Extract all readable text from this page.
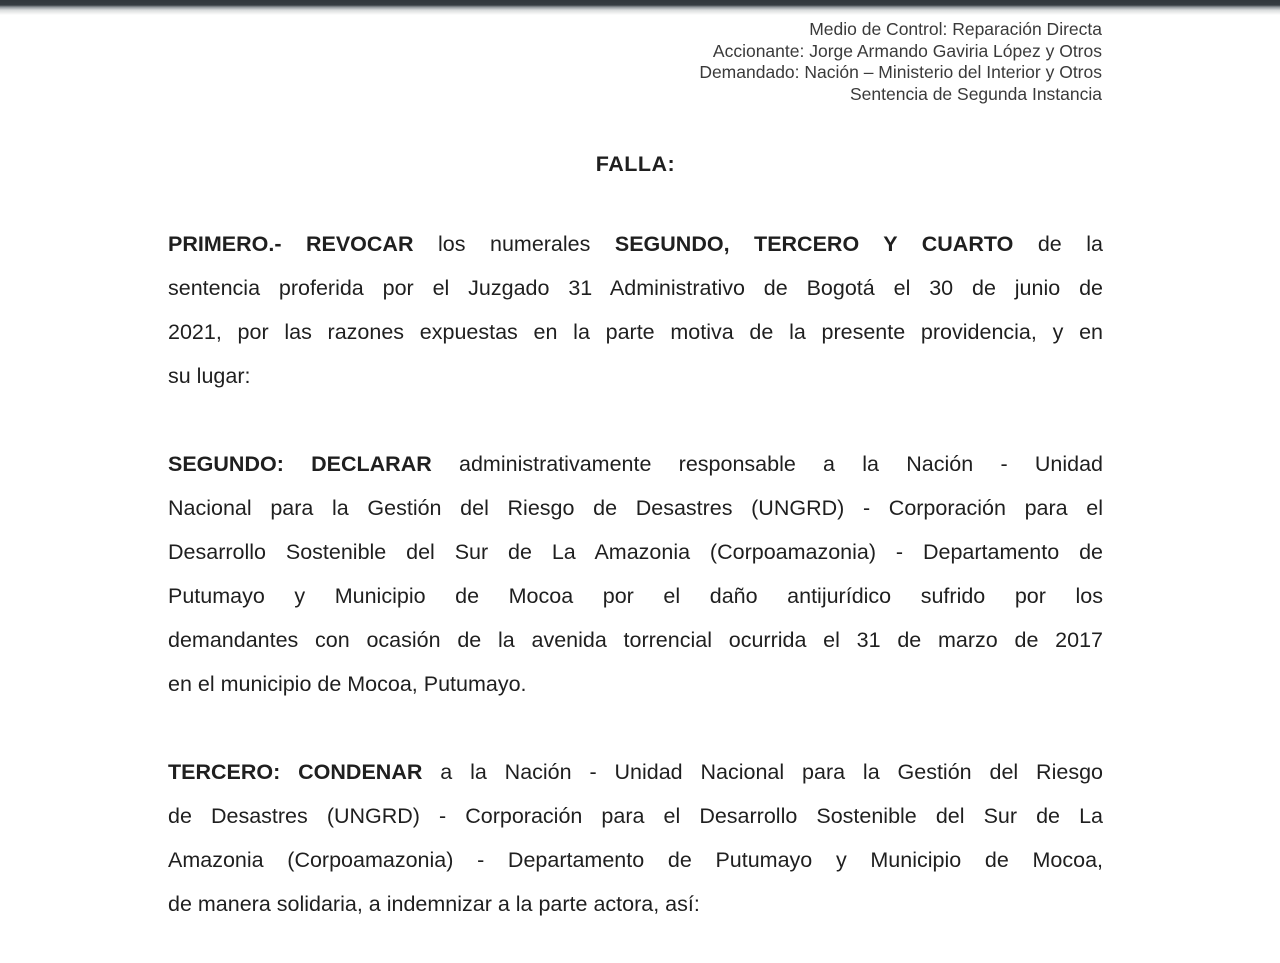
Medio de Control: Reparación Directa
Accionante: Jorge Armando Gaviria López y Otros
Demandado: Nación – Ministerio del Interior y Otros
Sentencia de Segunda Instancia
FALLA:
PRIMERO.- REVOCAR los numerales SEGUNDO, TERCERO Y CUARTO de la
sentencia proferida por el Juzgado 31 Administrativo de Bogotá el 30 de junio de
2021, por las razones expuestas en la parte motiva de la presente providencia, y en
su lugar:
SEGUNDO: DECLARAR administrativamente responsable a la Nación - Unidad
Nacional para la Gestión del Riesgo de Desastres (UNGRD) - Corporación para el
Desarrollo Sostenible del Sur de La Amazonia (Corpoamazonia) - Departamento de
Putumayo y Municipio de Mocoa por el daño antijurídico sufrido por los
demandantes con ocasión de la avenida torrencial ocurrida el 31 de marzo de 2017
en el municipio de Mocoa, Putumayo.
TERCERO: CONDENAR a la Nación - Unidad Nacional para la Gestión del Riesgo
de Desastres (UNGRD) - Corporación para el Desarrollo Sostenible del Sur de La
Amazonia (Corpoamazonia) - Departamento de Putumayo y Municipio de Mocoa,
de manera solidaria, a indemnizar a la parte actora, así:
